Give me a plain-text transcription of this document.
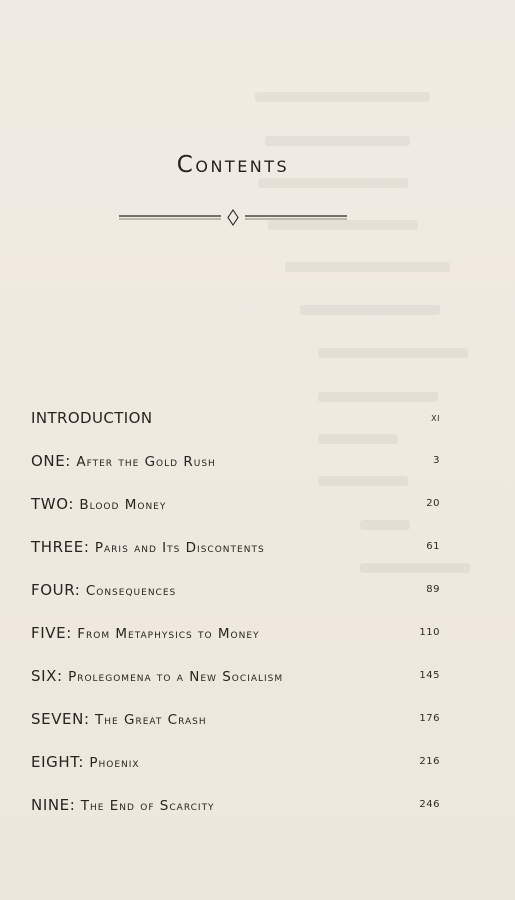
Contents
INTRODUCTION	xi
ONE: After the Gold Rush	3
TWO: Blood Money	20
THREE: Paris and Its Discontents	61
FOUR: Consequences	89
FIVE: From Metaphysics to Money	110
SIX: Prolegomena to a New Socialism	145
SEVEN: The Great Crash	176
EIGHT: Phoenix	216
NINE: The End of Scarcity	246
